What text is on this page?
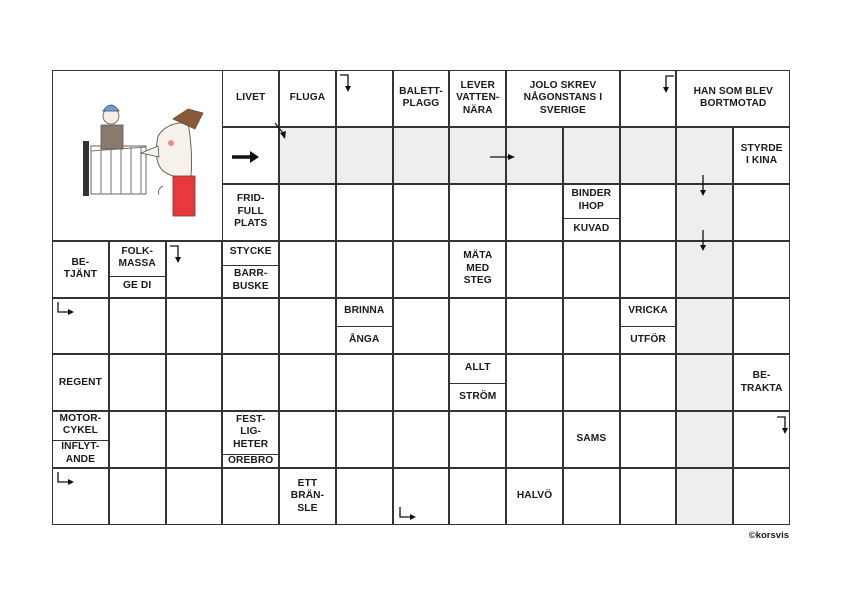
LIVET	FLUGA
BALETT-
PLAGG
LEVER
VATTEN-
NÄRA
JOLO SKREV
NÅGONSTANS I
SVERIGE
HAN SOM BLEV
BORTMOTAD
STYRDE
I KINA
FRID-
FULL
PLATS
BINDER
IHOP
KUVAD
BE-
TJÄNT
FOLK-
MASSA
GE DI
STYCKE
BARR-
BUSKE
MÄTA
MED
STEG
BRINNA
ÅNGA
VRICKA
UTFÖR
REGENT
ALLT
STRÖM
BE-
TRAKTA
MOTOR-
CYKEL
INFLYT-
ANDE
FEST-
LIG-
HETER
ÖREBRO
SAMS
ETT
BRÄN-
SLE
HALVÖ
©korsvis
